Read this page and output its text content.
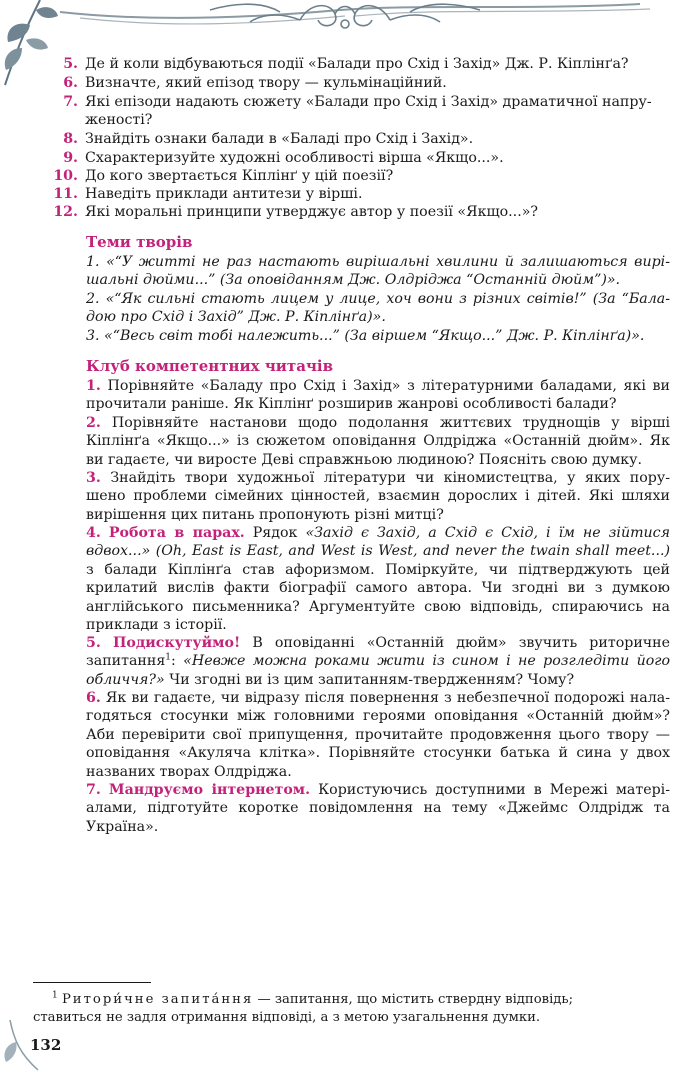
5. Де й коли відбуваються події «Балади про Схід і Захід» Дж. Р. Кіплінґа?
6. Визначте, який епізод твору — кульмінаційний.
7. Які епізоди надають сюжету «Балади про Схід і Захід» драматичної напру-
женості?
8. Знайдіть ознаки балади в «Баладі про Схід і Захід».
9. Схарактеризуйте художні особливості вірша «Якщо...».
10. До кого звертається Кіплінґ у цій поезії?
11. Наведіть приклади антитези у вірші.
12. Які моральні принципи утверджує автор у поезії «Якщо...»?
Теми творів
1. «“У житті не раз настають вирішальні хвилини й залишаються вирі-
шальні дюйми...” (За оповіданням Дж. Олдріджа “Останній дюйм”)».
2. «“Як сильні стають лицем у лице, хоч вони з різних світів!” (За “Бала-
дою про Схід і Захід” Дж. Р. Кіплінґа)».
3. «“Весь світ тобі належить...” (За віршем “Якщо...” Дж. Р. Кіплінґа)».
Клуб компетентних читачів
1. Порівняйте «Баладу про Схід і Захід» з літературними баладами, які ви
прочитали раніше. Як Кіплінґ розширив жанрові особливості балади?
2. Порівняйте настанови щодо подолання життєвих труднощів у вірші
Кіплінґа «Якщо...» із сюжетом оповідання Олдріджа «Останній дюйм». Як
ви гадаєте, чи виросте Деві справжньою людиною? Поясніть свою думку.
3. Знайдіть твори художньої літератури чи кіномистецтва, у яких пору-
шено проблеми сімейних цінностей, взаємин дорослих і дітей. Які шляхи
вирішення цих питань пропонують різні митці?
4. Робота в парах. Рядок «Захід є Захід, а Схід є Схід, і їм не зійтися
вдвох...» (Oh, East is East, and West is West, and never the twain shall meet...)
з балади Кіплінґа став афоризмом. Поміркуйте, чи підтверджують цей
крилатий вислів факти біографії самого автора. Чи згодні ви з думкою
англійського письменника? Аргументуйте свою відповідь, спираючись на
приклади з історії.
5. Подискутуймо! В оповіданні «Останній дюйм» звучить риторичне
запитання$^1$: «Невже можна роками жити із сином і не розгледіти його
обличчя?» Чи згодні ви із цим запитанням-твердженням? Чому?
6. Як ви гадаєте, чи відразу після повернення з небезпечної подорожі нала-
годяться стосунки між головними героями оповідання «Останній дюйм»?
Аби перевірити свої припущення, прочитайте продовження цього твору —
оповідання «Акуляча клітка». Порівняйте стосунки батька й сина у двох
названих творах Олдріджа.
7. Мандруємо інтернетом. Користуючись доступними в Мережі матері-
алами, підготуйте коротке повідомлення на тему «Джеймс Олдрідж та
Україна».
$^1$ Ритори́чне запита́ння — запитання, що містить ствердну відповідь;
ставиться не задля отримання відповіді, а з метою узагальнення думки.
132
